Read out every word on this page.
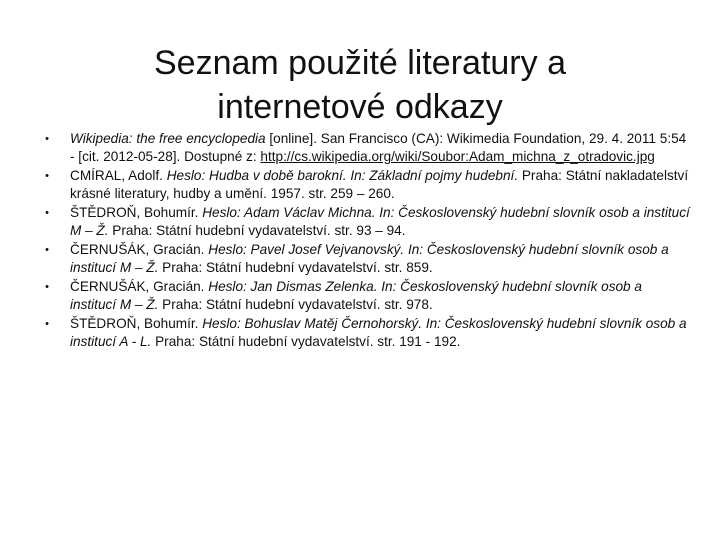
Seznam použité literatury a
internetové odkazy
•	Wikipedia: the free encyclopedia [online]. San Francisco (CA): Wikimedia Foundation, 29. 4. 2011 5:54 - [cit. 2012-05-28]. Dostupné z: http://cs.wikipedia.org/wiki/Soubor:Adam_michna_z_otradovic.jpg
•	CMÍRAL, Adolf. Heslo: Hudba v době barokní. In: Základní pojmy hudební. Praha: Státní nakladatelství krásné literatury, hudby a umění. 1957. str. 259 – 260.
•	ŠTĚDROŇ, Bohumír. Heslo: Adam Václav Michna. In: Československý hudební slovník osob a institucí M – Ž. Praha: Státní hudební vydavatelství. str. 93 – 94.
•	ČERNUŠÁK, Gracián. Heslo: Pavel Josef Vejvanovský. In: Československý hudební slovník osob a institucí M – Ž. Praha: Státní hudební vydavatelství. str. 859.
•	ČERNUŠÁK, Gracián. Heslo: Jan Dismas Zelenka. In: Československý hudební slovník osob a institucí M – Ž. Praha: Státní hudební vydavatelství. str. 978.
•	ŠTĚDROŇ, Bohumír. Heslo: Bohuslav Matěj Černohorský. In: Československý hudební slovník osob a institucí A - L. Praha: Státní hudební vydavatelství. str. 191 - 192.
